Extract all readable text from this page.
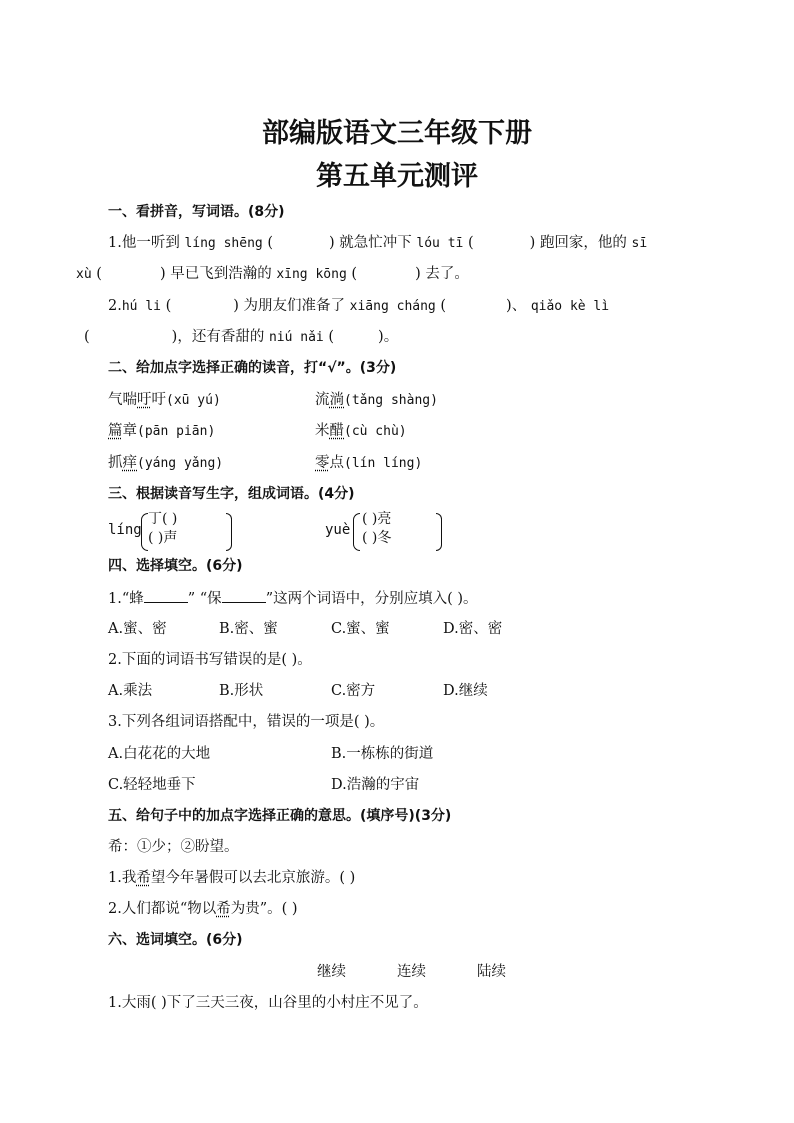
部编版语文三年级下册
第五单元测评
一、看拼音，写词语。(8分)
1.他一听到 líng shēng (	) 就急忙冲下 lóu tī (	) 跑回家，他的 sī
xù (	) 早已飞到浩瀚的 xīng kōng (	) 去了。
2.hú li (	) 为朋友们准备了 xiāng cháng (	)、 qiǎo kè lì
(	)，还有香甜的 niú nǎi (	)。
二、给加点字选择正确的读音，打“√”。(3分)
气喘吁吁(xū yú)	流淌(tǎng shàng)
篇章(pān piān)	米醋(cù chù)
抓痒(yáng yǎng)	零点(lín líng)
三、根据读音写生字，组成词语。(4分)
líng
丁( )
( )声	yuè
( )亮
( )冬
四、选择填空。(6分)
1.“蜂	” “保	”这两个词语中，分别应填入( )。
A.蜜、密	B.密、蜜	C.蜜、蜜	D.密、密
2.下面的词语书写错误的是( )。
A.乘法	B.形状	C.密方	D.继续
3.下列各组词语搭配中，错误的一项是( )。
A.白花花的大地	B.一栋栋的街道
C.轻轻地垂下	D.浩瀚的宇宙
五、给句子中的加点字选择正确的意思。(填序号)(3分)
希：①少；②盼望。
1.我希望今年暑假可以去北京旅游。( )
2.人们都说“物以希为贵”。( )
六、选词填空。(6分)
继续	连续	陆续
1.大雨( )下了三天三夜，山谷里的小村庄不见了。
